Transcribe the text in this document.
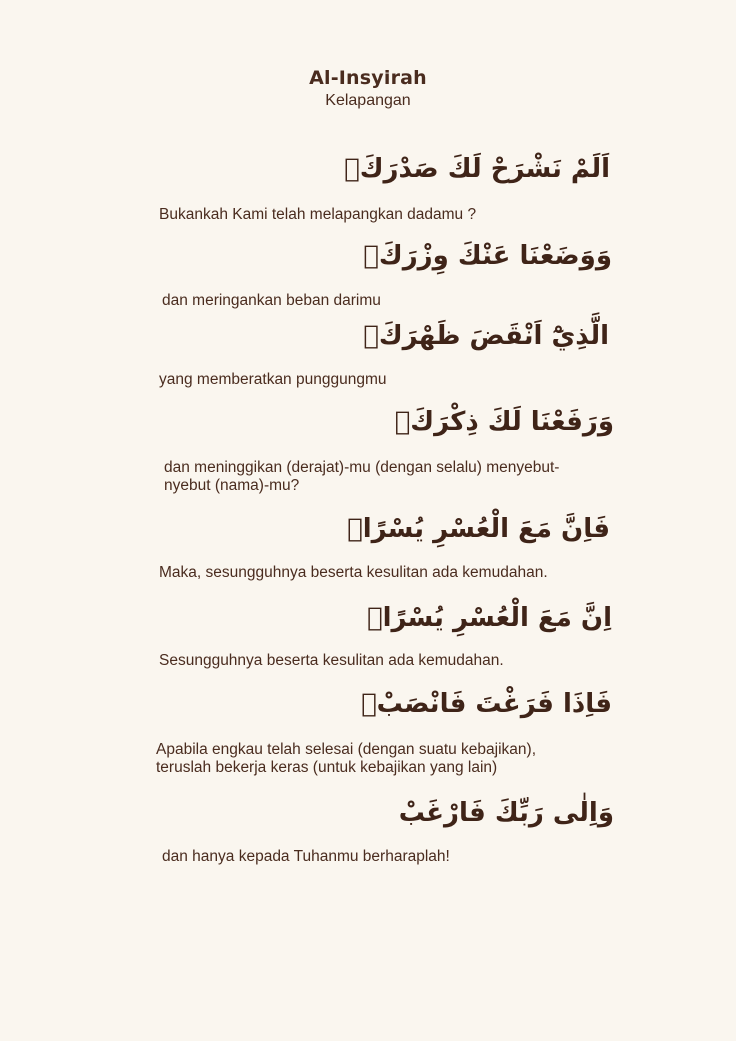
Al-Insyirah
Kelapangan
اَلَمْ نَشْرَحْ لَكَ صَدْرَكَۙ
Bukankah Kami telah melapangkan dadamu ?
وَوَضَعْنَا عَنْكَ وِزْرَكَۙ
dan meringankan beban darimu
الَّذِيْٓ اَنْقَضَ ظَهْرَكَۙ
yang memberatkan punggungmu
وَرَفَعْنَا لَكَ ذِكْرَكَۗ
dan meninggikan (derajat)-mu (dengan selalu) menyebut-
nyebut (nama)-mu?
فَاِنَّ مَعَ الْعُسْرِ يُسْرًاۙ
Maka, sesungguhnya beserta kesulitan ada kemudahan.
اِنَّ مَعَ الْعُسْرِ يُسْرًاۗ
Sesungguhnya beserta kesulitan ada kemudahan.
فَاِذَا فَرَغْتَ فَانْصَبْۙ
Apabila engkau telah selesai (dengan suatu kebajikan),
teruslah bekerja keras (untuk kebajikan yang lain)
وَاِلٰى رَبِّكَ فَارْغَبْ
dan hanya kepada Tuhanmu berharaplah!
